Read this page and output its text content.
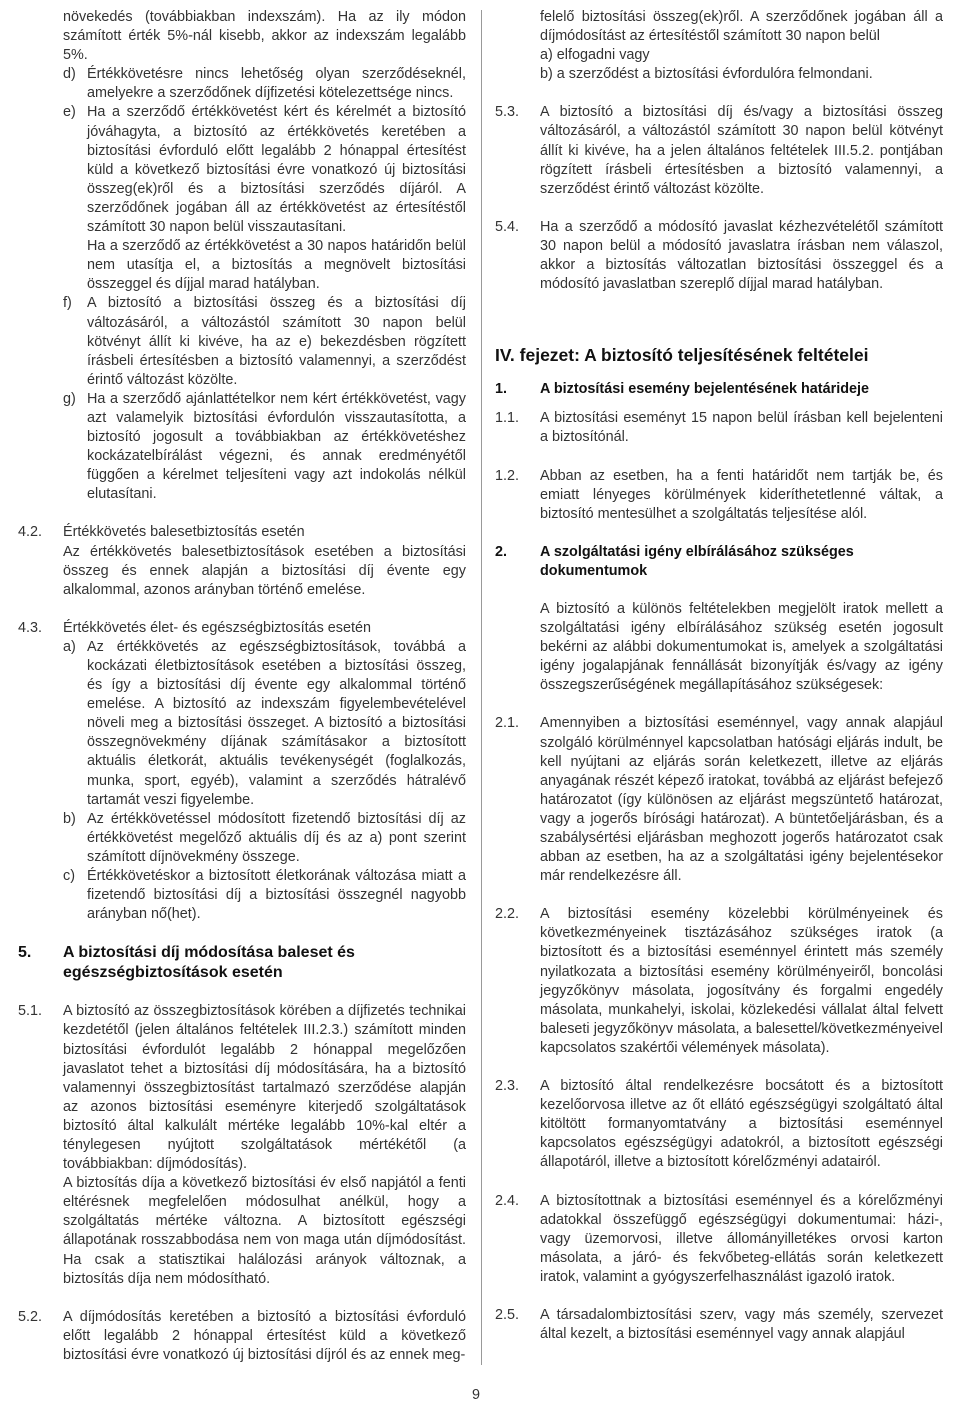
növekedés (továbbiakban indexszám). Ha az ily módon számított érték 5%-nál kisebb, akkor az indexszám legalább 5%.

d) Értékkövetésre nincs lehetőség olyan szerződéseknél, amelyekre a szerződőnek díjfizetési kötelezettsége nincs.
e) Ha a szerződő értékkövetést kért és kérelmét a biztosító jóváhagyta, a biztosító az értékkövetés keretében a biztosítási évforduló előtt legalább 2 hónappal értesítést küld a következő biztosítási évre vonatkozó új biztosítási összeg(ek)ről és a biztosítási szerződés díjáról. A szerződőnek jogában áll az értékkövetést az értesítéstől számított 30 napon belül visszautasítani.

Ha a szerződő az értékkövetést a 30 napos határidőn belül nem utasítja el, a biztosítás a megnövelt biztosítási összeggel és díjjal marad hatályban.

f) A biztosító a biztosítási összeg és a biztosítási díj változásáról, a változástól számított 30 napon belül kötvényt állít ki kivéve, ha az e) bekezdésben rögzített írásbeli értesítésben a biztosító valamennyi, a szerződést érintő változást közölte.
g) Ha a szerződő ajánlattételkor nem kért értékkövetést, vagy azt valamelyik biztosítási évfordulón visszautasította, a biztosító jogosult a továbbiakban az értékkövetéshez kockázatelbírálást végezni, és annak eredményétől függően a kérelmet teljesíteni vagy azt indokolás nélkül elutasítani.
4.2. Értékkövetés balesetbiztosítás esetén
Az értékkövetés balesetbiztosítások esetében a biztosítási összeg és ennek alapján a biztosítási díj évente egy alkalommal, azonos arányban történő emelése.
4.3. Értékkövetés élet- és egészségbiztosítás esetén
a) Az értékkövetés az egészségbiztosítások, továbbá a kockázati életbiztosítások esetében a biztosítási összeg, és így a biztosítási díj évente egy alkalommal történő emelése. A biztosító az indexszám figyelembevételével növeli meg a biztosítási összeget. A biztosító a biztosítási összegnövekmény díjának számításakor a biztosított aktuális életkorát, aktuális tevékenységét (foglalkozás, munka, sport, egyéb), valamint a szerződés hátralévő tartamát veszi figyelembe.
b) Az értékkövetéssel módosított fizetendő biztosítási díj az értékkövetést megelőző aktuális díj és az a) pont szerint számított díjnövekmény összege.
c) Értékkövetéskor a biztosított életkorának változása miatt a fizetendő biztosítási díj a biztosítási összegnél nagyobb arányban nő(het).
5. A biztosítási díj módosítása baleset és egészségbiztosítások esetén
5.1. A biztosító az összegbiztosítások körében a díjfizetés technikai kezdetétől (jelen általános feltételek III.2.3.) számított minden biztosítási évfordulót legalább 2 hónappal megelőzően javaslatot tehet a biztosítási díj módosítására, ha a biztosító valamennyi összegbiztosítást tartalmazó szerződése alapján az azonos biztosítási eseményre kiterjedő szolgáltatások biztosító által kalkulált mértéke legalább 10%-kal eltér a ténylegesen nyújtott szolgáltatások mértékétől (a továbbiakban: díjmódosítás).

A biztosítás díja a következő biztosítási év első napjától a fenti eltérésnek megfelelően módosulhat anélkül, hogy a szolgáltatás mértéke változna. A biztosított egészségi állapotának rosszabbodása nem von maga után díjmódosítást. Ha csak a statisztikai halálozási arányok változnak, a biztosítás díja nem módosítható.

5.2. A díjmódosítás keretében a biztosító a biztosítási évforduló előtt legalább 2 hónappal értesítést küld a következő biztosítási évre vonatkozó új biztosítási díjról és az ennek meg-

felelő biztosítási összeg(ek)ről. A szerződőnek jogában áll a díjmódosítást az értesítéstől számított 30 napon belül

a) elfogadni vagy

b) a szerződést a biztosítási évfordulóra felmondani.

5.3. A biztosító a biztosítási díj és/vagy a biztosítási összeg változásáról, a változástól számított 30 napon belül kötvényt állít ki kivéve, ha a jelen általános feltételek III.5.2. pontjában rögzített írásbeli értesítésben a biztosító valamennyi, a szerződést érintő változást közölte.
5.4. Ha a szerződő a módosító javaslat kézhezvételétől számított 30 napon belül a módosító javaslatra írásban nem válaszol, akkor a biztosítás változatlan biztosítási összeggel és a módosító javaslatban szereplő díjjal marad hatályban.
IV. fejezet: A biztosító teljesítésének feltételei
1. A biztosítási esemény bejelentésének határideje
1.1. A biztosítási eseményt 15 napon belül írásban kell bejelenteni a biztosítónál.
1.2. Abban az esetben, ha a fenti határidőt nem tartják be, és emiatt lényeges körülmények kideríthetetlenné váltak, a biztosító mentesülhet a szolgáltatás teljesítése alól.
2. A szolgáltatási igény elbírálásához szükséges dokumentumok

A biztosító a különös feltételekben megjelölt iratok mellett a szolgáltatási igény elbírálásához szükség esetén jogosult bekérni az alábbi dokumentumokat is, amelyek a szolgáltatási igény jogalapjának fennállását bizonyítják és/vagy az igény összegszerűségének megállapításához szükségesek:

2.1. Amennyiben a biztosítási eseménnyel, vagy annak alapjául szolgáló körülménnyel kapcsolatban hatósági eljárás indult, be kell nyújtani az eljárás során keletkezett, illetve az eljárás anyagának részét képező iratokat, továbbá az eljárást befejező határozatot (így különösen az eljárást megszüntető határozat, vagy a jogerős bírósági határozat). A büntetőeljárásban, és a szabálysértési eljárásban meghozott jogerős határozatot csak abban az esetben, ha az a szolgáltatási igény bejelentésekor már rendelkezésre áll.
2.2. A biztosítási esemény közelebbi körülményeinek és következményeinek tisztázásához szükséges iratok (a biztosított és a biztosítási eseménnyel érintett más személy nyilatkozata a biztosítási esemény körülményeiről, boncolási jegyzőkönyv másolata, jogosítvány és forgalmi engedély másolata, munkahelyi, iskolai, közlekedési vállalat által felvett baleseti jegyzőkönyv másolata, a balesettel/következményeivel kapcsolatos szakértői vélemények másolata).
2.3. A biztosító által rendelkezésre bocsátott és a biztosított kezelőorvosa illetve az őt ellátó egészségügyi szolgáltató által kitöltött formanyomtatvány a biztosítási eseménnyel kapcsolatos egészségügyi adatokról, a biztosított egészségi állapotáról, illetve a biztosított kórelőzményi adatairól.
2.4. A biztosítottnak a biztosítási eseménnyel és a kórelőzményi adatokkal összefüggő egészségügyi dokumentumai: házi-, vagy üzemorvosi, illetve állományilletékes orvosi karton másolata, a járó- és fekvőbeteg-ellátás során keletkezett iratok, valamint a gyógyszerfelhasználást igazoló iratok.
2.5. A társadalombiztosítási szerv, vagy más személy, szervezet által kezelt, a biztosítási eseménnyel vagy annak alapjául
9
